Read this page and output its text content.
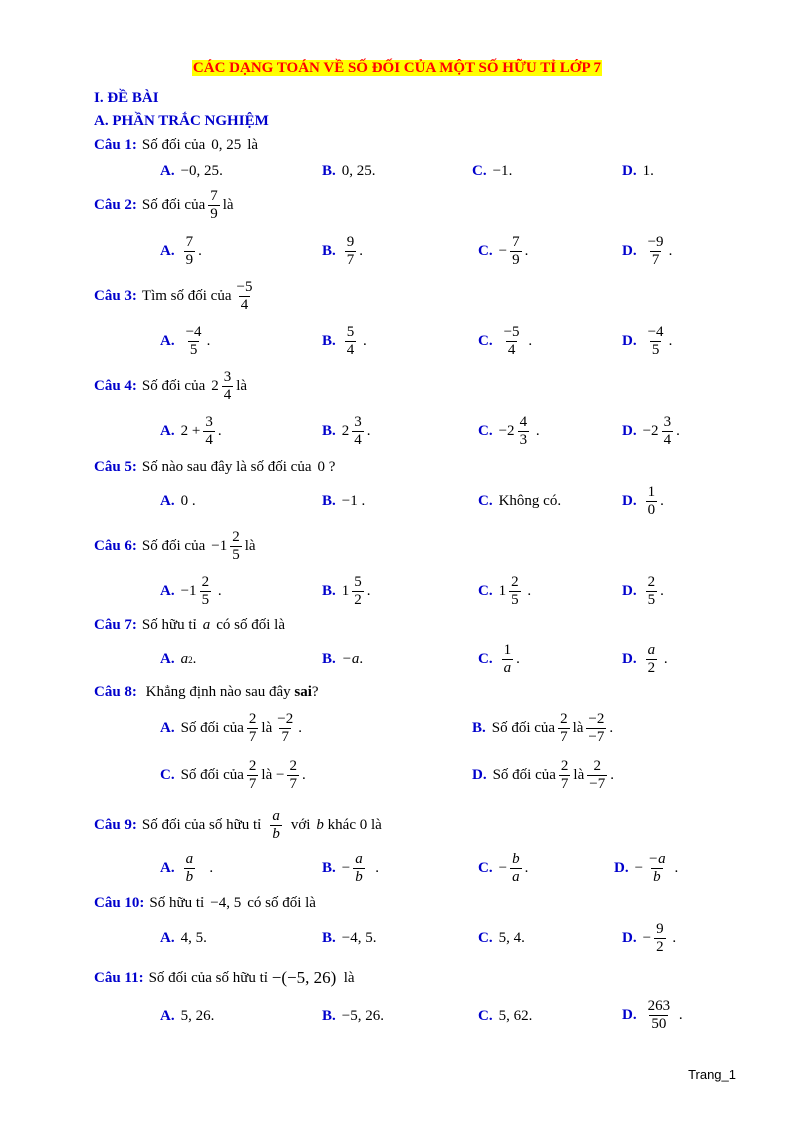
CÁC DẠNG TOÁN VỀ SỐ ĐỐI CỦA MỘT SỐ HỮU TỈ LỚP 7
I. ĐỀ BÀI
A. PHẦN TRẮC NGHIỆM
Câu 1: Số đối của 0, 25 là
A. −0, 25 .	B. 0, 25 .	C. −1 .	D. 1 .
Câu 2: Số đối của $\frac{7}{9}$ là
A. $\frac{7}{9}$ .	B. $\frac{9}{7}$ .	C. − $\frac{7}{9}$ .	D. $\frac{-9}{7}$ .
Câu 3: Tìm số đối của $\frac{-5}{4}$
A. $\frac{-4}{5}$ .	B. $\frac{5}{4}$ .	C. $\frac{-5}{4}$ .	D. $\frac{-4}{5}$ .
Câu 4: Số đối của $2 \frac{3}{4}$ là
A. $2 + \frac{3}{4}$ .	B. $2 \frac{3}{4}$ .	C. $-2 \frac{4}{3}$ .	D. $-2 \frac{3}{4}$ .
Câu 5: Số nào sau đây là số đối của 0
?
A. 0 .	B. −1 .	C. Không có.	D. $\frac{1}{0}$ .
Câu 6: Số đối của $-1 \frac{2}{5}$ là
A. $-1 \frac{2}{5}$ .	B. $1 \frac{5}{2}$ .	C. $1 \frac{2}{5}$ .	D. $\frac{2}{5}$ .
Câu 7: Số hữu tỉ a có số đối là
A. a 2 .	B. −a .	C. $\frac{1}{a}$ .	D. $\frac{a}{2}$ .
Câu 8:
Khẳng định nào sau đây
sai ?
A. Số đối của $\frac{2}{7}$ là $\frac{-2}{7}$ .	B. Số đối của $\frac{2}{7}$ là $\frac{-2}{-7}$ .
C. Số đối của $\frac{2}{7}$ là
− $\frac{2}{7}$ .	D. Số đối của $\frac{2}{7}$ là $\frac{2}{-7}$ .
Câu 9: Số đối của số hữu tỉ $\frac{a}{b}$ với b
khác
0
là
A. $\frac{a}{b}$ .	B. − $\frac{a}{b}$ .	C. − $\frac{b}{a}$ .	D. − $\frac{-a}{b}$ .
Câu 10: Số hữu tỉ −4, 5 có số đối là
A. 4, 5 .	B. −4, 5 .	C. 5, 4 .	D. − $\frac{9}{2}$ .
Câu 11: Số đối của số hữu tỉ
−(−5, 26)
là
A. 5, 26 .	B. −5, 26 .	C. 5, 62 .	D. $\frac{263}{50}$ .
Trang_1
